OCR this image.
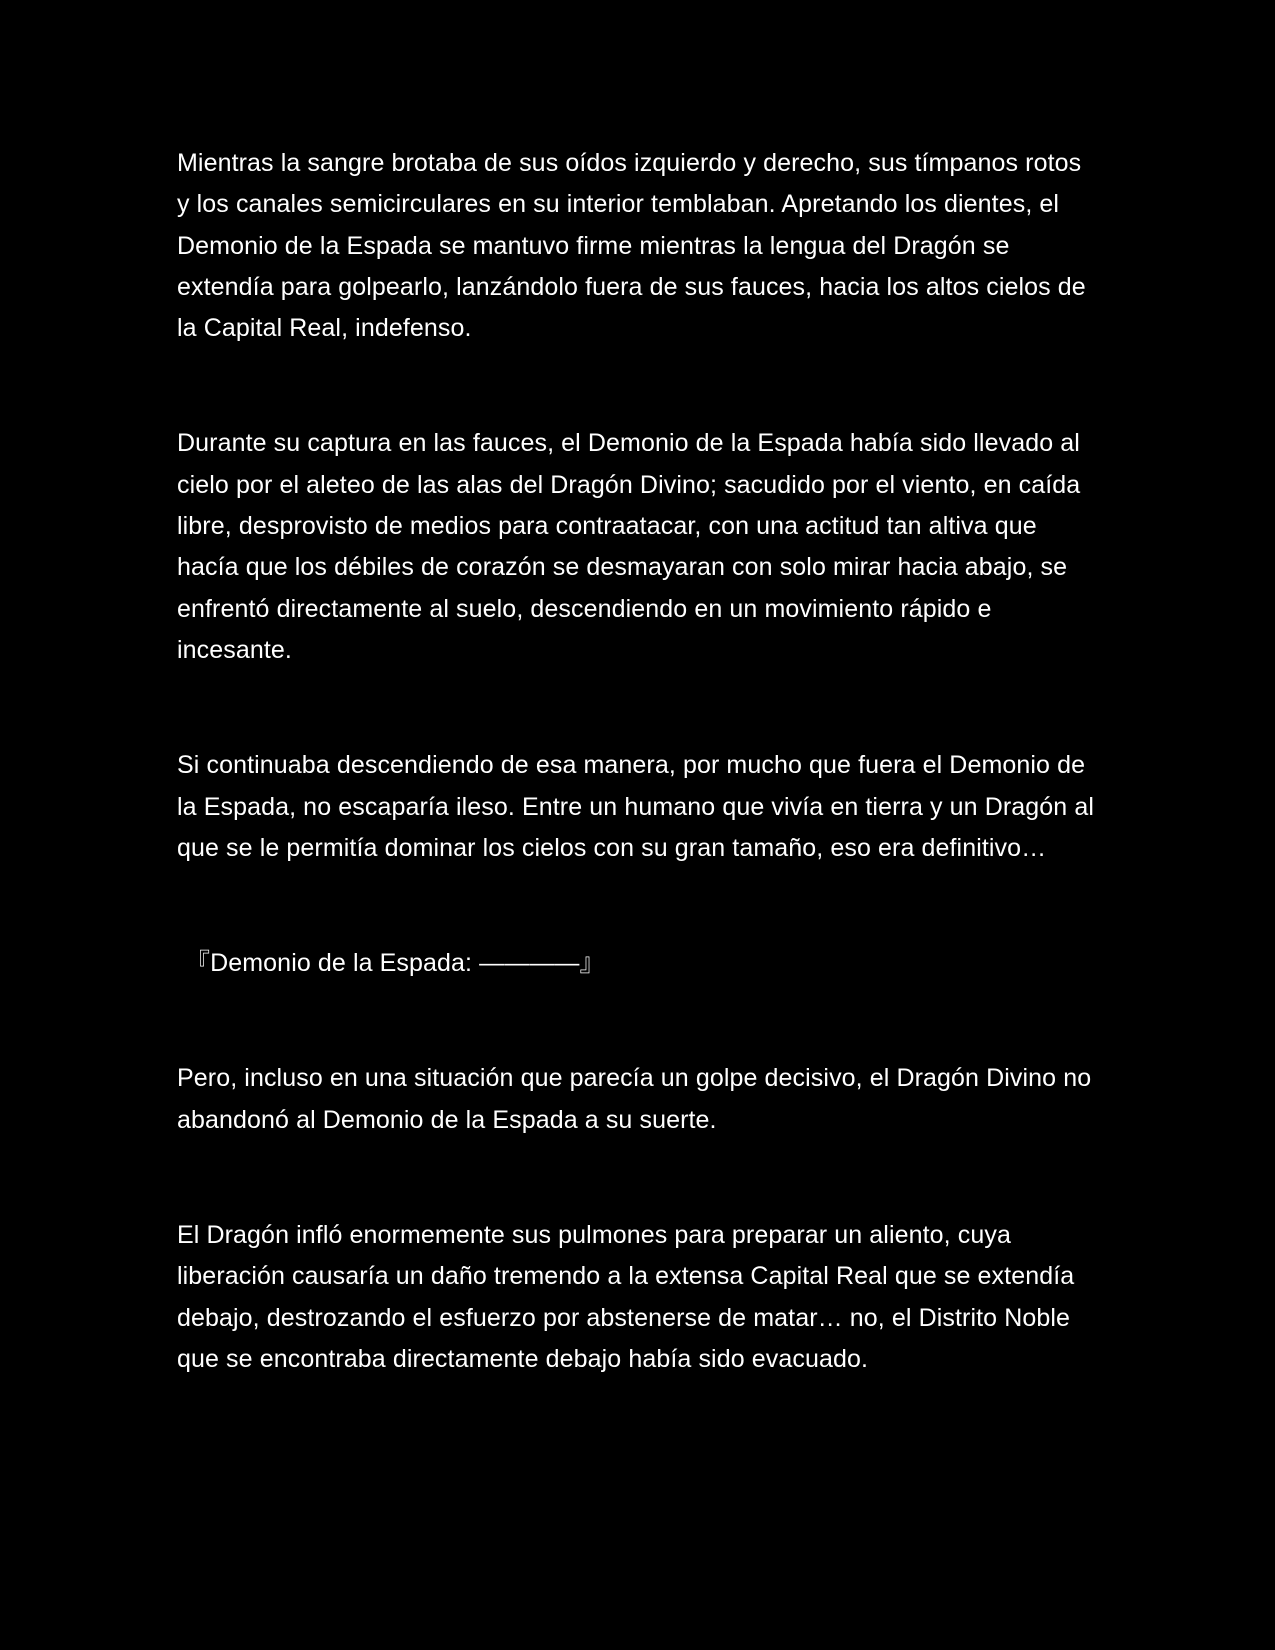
Mientras la sangre brotaba de sus oídos izquierdo y derecho, sus tímpanos rotos y los canales semicirculares en su interior temblaban. Apretando los dientes, el Demonio de la Espada se mantuvo firme mientras la lengua del Dragón se extendía para golpearlo, lanzándolo fuera de sus fauces, hacia los altos cielos de la Capital Real, indefenso.

Durante su captura en las fauces, el Demonio de la Espada había sido llevado al cielo por el aleteo de las alas del Dragón Divino; sacudido por el viento, en caída libre, desprovisto de medios para contraatacar, con una actitud tan altiva que hacía que los débiles de corazón se desmayaran con solo mirar hacia abajo, se enfrentó directamente al suelo, descendiendo en un movimiento rápido e incesante.

Si continuaba descendiendo de esa manera, por mucho que fuera el Demonio de la Espada, no escaparía ileso. Entre un humano que vivía en tierra y un Dragón al que se le permitía dominar los cielos con su gran tamaño, eso era definitivo…

『Demonio de la Espada: ————』

Pero, incluso en una situación que parecía un golpe decisivo, el Dragón Divino no abandonó al Demonio de la Espada a su suerte.

El Dragón infló enormemente sus pulmones para preparar un aliento, cuya liberación causaría un daño tremendo a la extensa Capital Real que se extendía debajo, destrozando el esfuerzo por abstenerse de matar… no, el Distrito Noble que se encontraba directamente debajo había sido evacuado.
